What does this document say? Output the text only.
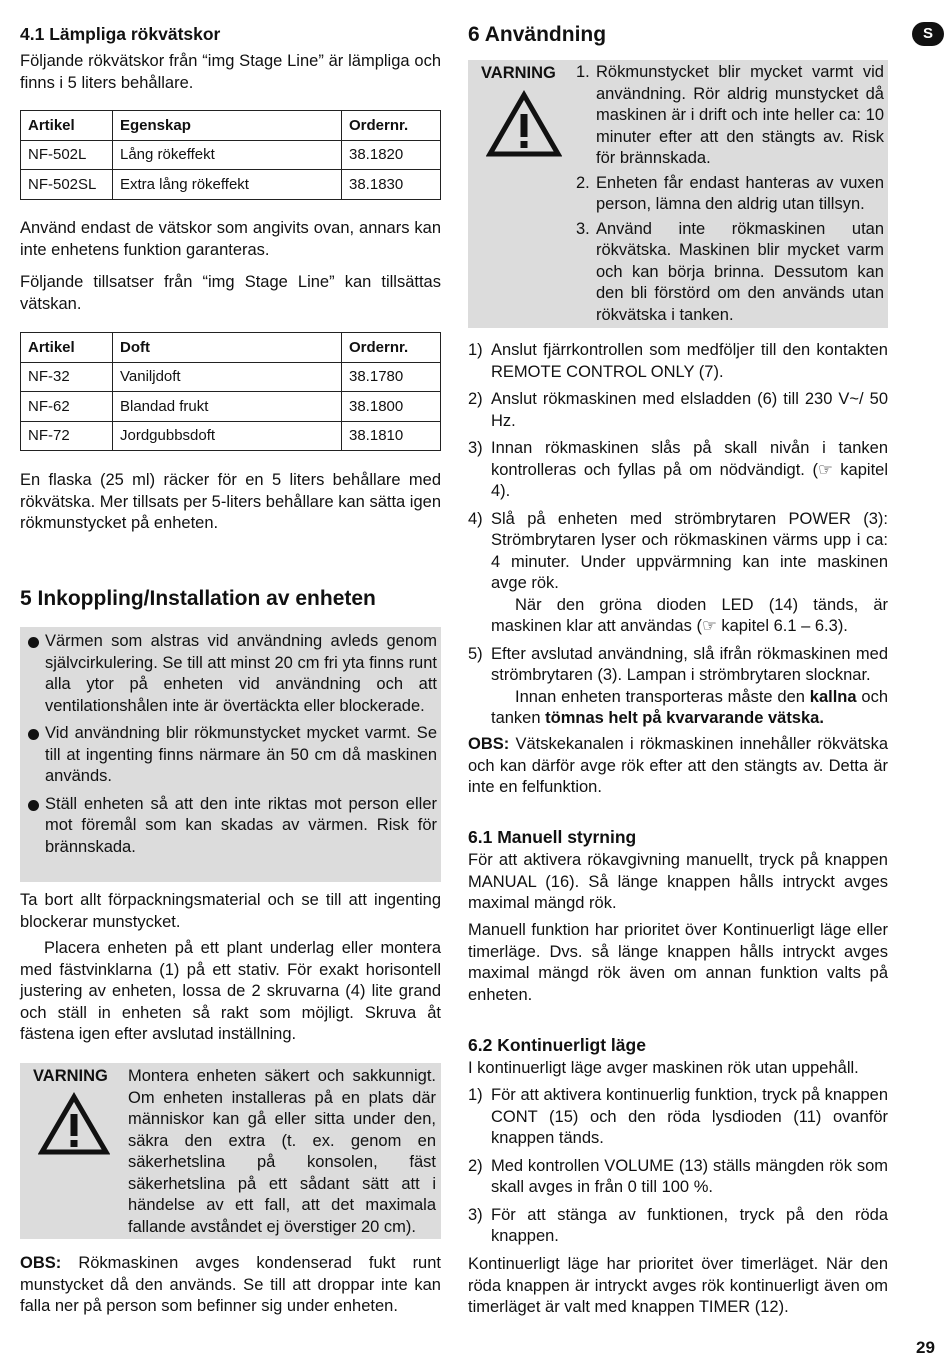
S
29
4.1 Lämpliga rökvätskor

Följande rökvätskor från “img Stage Line” är lämpliga och finns i 5 liters behållare.

Artikel	Egenskap	Ordernr.
NF-502L	Lång rökeffekt	38.1820
NF-502SL	Extra lång rökeffekt	38.1830

Använd endast de vätskor som angivits ovan, annars kan inte enhetens funktion garanteras.

Följande tillsatser från “img Stage Line” kan tillsättas vätskan.

Artikel	Doft	Ordernr.
NF-32	Vaniljdoft	38.1780
NF-62	Blandad frukt	38.1800
NF-72	Jordgubbsdoft	38.1810

En flaska (25 ml) räcker för en 5 liters behållare med rökvätska. Mer tillsats per 5-liters behållare kan sätta igen rökmunstycket på enheten.

5 Inkoppling/Installation av enheten
Värmen som alstras vid användning avleds genom självcirkulering. Se till att minst 20 cm fri yta finns runt alla ytor på enheten vid användning och att ventilationshålen inte är övertäckta eller blockerade.
Vid användning blir rökmunstycket mycket varmt. Se till at ingenting finns närmare än 50 cm då maskinen används.
Ställ enheten så att den inte riktas mot person eller mot föremål som kan skadas av värmen. Risk för brännskada.

Ta bort allt förpackningsmaterial och se till att ingenting blockerar munstycket.

Placera enheten på ett plant underlag eller montera med fästvinklarna (1) på ett stativ. För exakt horisontell justering av enheten, lossa de 2 skruvarna (4) lite grand och ställ in enheten så rakt som möjligt. Skruva åt fästena igen efter avslutad inställning.

VARNING Montera enheten säkert och sakkunnigt. Om enheten installeras på en plats där människor kan gå eller sitta under den, säkra den extra (t. ex. genom en säkerhetslina på konsolen, fäst säkerhetslina på ett sådant sätt att i händelse av ett fall, att det maximala fallande avståndet ej överstiger 20 cm).

OBS: Rökmaskinen avges kondenserad fukt runt munstycket då den används. Se till att droppar inte kan falla ner på person som befinner sig under enheten.

6 Användning
VARNING 1. Rökmunstycket blir mycket varmt vid användning. Rör aldrig munstycket då maskinen är i drift och inte heller ca: 10 minuter efter att den stängts av. Risk för brännskada.
2. Enheten får endast hanteras av vuxen person, lämna den aldrig utan tillsyn.
3. Använd inte rökmaskinen utan rökvätska. Maskinen blir mycket varm och kan börja brinna. Dessutom kan den bli förstörd om den används utan rökvätska i tanken.
1) Anslut fjärrkontrollen som medföljer till den kontakten REMOTE CONTROL ONLY (7).
2) Anslut rökmaskinen med elsladden (6) till 230 V~/ 50 Hz.
3) Innan rökmaskinen slås på skall nivån i tanken kontrolleras och fyllas på om nödvändigt. (☞ kapitel 4).
4) Slå på enheten med strömbrytaren POWER (3): Strömbrytaren lyser och rökmaskinen värms upp i ca: 4 minuter. Under uppvärmning kan inte maskinen avge rök.
När den gröna dioden LED (14) tänds, är maskinen klar att användas (☞ kapitel 6.1 – 6.3).
5) Efter avslutad användning, slå ifrån rökmaskinen med strömbrytaren (3). Lampan i strömbrytaren slocknar.
Innan enheten transporteras måste den kallna och tanken tömnas helt på kvarvarande vätska.

OBS: Vätskekanalen i rökmaskinen innehåller rökvätska och kan därför avge rök efter att den stängts av. Detta är inte en felfunktion.

6.1 Manuell styrning

För att aktivera rökavgivning manuellt, tryck på knappen MANUAL (16). Så länge knappen hålls intryckt avges maximal mängd rök.

Manuell funktion har prioritet över Kontinuerligt läge eller timerläge. Dvs. så länge knappen hålls intryckt avges maximal mängd rök även om annan funktion valts på enheten.

6.2 Kontinuerligt läge

I kontinuerligt läge avger maskinen rök utan uppehåll.

1) För att aktivera kontinuerlig funktion, tryck på knappen CONT (15) och den röda lysdioden (11) ovanför knappen tänds.
2) Med kontrollen VOLUME (13) ställs mängden rök som skall avges in från 0 till 100 %.
3) För att stänga av funktionen, tryck på den röda knappen.

Kontinuerligt läge har prioritet över timerläget. När den röda knappen är intryckt avges rök kontinuerligt även om timerläget är valt med knappen TIMER (12).
